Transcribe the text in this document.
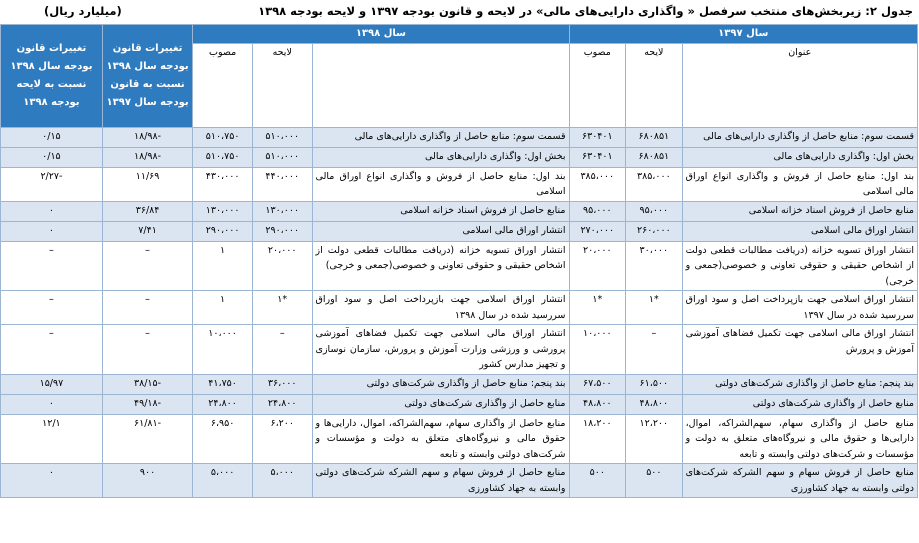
جدول ۲: زیربخش‌های منتخب سرفصل « واگذاری دارایی‌های مالی» در لایحه و قانون بودجه ۱۳۹۷ و لایحه بودجه ۱۳۹۸
(میلیارد ریال)
سال ۱۳۹۷			سال ۱۳۹۸			تغییرات قانون بودجه سال ۱۳۹۸ نسبت به قانون بودجه سال ۱۳۹۷	تغییرات قانون بودجه سال ۱۳۹۸ نسبت به لایحه بودجه ۱۳۹۸
عنوان	لایحه	مصوب		لایحه	مصوب		
قسمت سوم: منابع حاصل از واگذاری دارایی‌های مالی	۶۸۰۸۵۱	۶۳۰۴۰۱	قسمت سوم: منابع حاصل از واگذاری دارایی‌های مالی	۵۱۰،۰۰۰	۵۱۰،۷۵۰	-۱۸/۹۸	۰/۱۵
بخش اول: واگذاری دارایی‌های مالی	۶۸۰۸۵۱	۶۳۰۴۰۱	بخش اول: واگذاری دارایی‌های مالی	۵۱۰،۰۰۰	۵۱۰،۷۵۰	-۱۸/۹۸	۰/۱۵
بند اول: منابع حاصل از فروش و واگذاری انواع اوراق مالی اسلامی	۳۸۵،۰۰۰	۳۸۵،۰۰۰	بند اول: منابع حاصل از فروش و واگذاری انواع اوراق مالی اسلامی	۴۴۰،۰۰۰	۴۳۰،۰۰۰	۱۱/۶۹	-۲/۲۷
منابع حاصل از فروش اسناد خزانه اسلامی	۹۵،۰۰۰	۹۵،۰۰۰	منابع حاصل از فروش اسناد خزانه اسلامی	۱۳۰،۰۰۰	۱۳۰،۰۰۰	۳۶/۸۴	۰
انتشار اوراق مالی اسلامی	۲۶۰،۰۰۰	۲۷۰،۰۰۰	انتشار اوراق مالی اسلامی	۲۹۰،۰۰۰	۲۹۰،۰۰۰	۷/۴۱	۰
انتشار اوراق تسویه خزانه (دریافت مطالبات قطعی دولت از اشخاص حقیقی و حقوقی تعاونی و خصوصی(جمعی و خرجی)	۳۰،۰۰۰	۲۰،۰۰۰	انتشار اوراق تسویه خزانه (دریافت مطالبات قطعی دولت از اشخاص حقیقی و حقوقی تعاونی و خصوصی(جمعی و خرجی)	۲۰،۰۰۰	۱	–	–
انتشار اوراق اسلامی جهت بازپرداخت اصل و سود اوراق سررسید شده در سال ۱۳۹۷	*۱	*۱	انتشار اوراق اسلامی جهت بازپرداخت اصل و سود اوراق سررسید شده در سال ۱۳۹۸	*۱	۱	–	–
انتشار اوراق مالی اسلامی جهت تکمیل فضاهای آموزشی آموزش و پرورش	–	۱۰،۰۰۰	انتشار اوراق مالی اسلامی جهت تکمیل فضاهای آموزشی پرورشی و ورزشی وزارت آموزش و پرورش، سازمان نوسازی و تجهیز مدارس کشور	–	۱۰،۰۰۰	–	–
بند پنجم: منابع حاصل از واگذاری شرکت‌های دولتی	۶۱،۵۰۰	۶۷،۵۰۰	بند پنجم: منابع حاصل از واگذاری شرکت‌های دولتی	۳۶،۰۰۰	۴۱،۷۵۰	-۳۸/۱۵	۱۵/۹۷
منابع حاصل از واگذاری شرکت‌های دولتی	۴۸،۸۰۰	۴۸،۸۰۰	منابع حاصل از واگذاری شرکت‌های دولتی	۲۴،۸۰۰	۲۴،۸۰۰	-۴۹/۱۸	۰
منابع حاصل از واگذاری سهام، سهم‌الشراکه، اموال، دارایی‌ها و حقوق مالی و نیروگاه‌های متعلق به دولت و مؤسسات و شرکت‌های دولتی وابسته و تابعه	۱۲،۲۰۰	۱۸،۲۰۰	منابع حاصل از واگذاری سهام، سهم‌الشراکه، اموال، دارایی‌ها و حقوق مالی و نیروگاه‌های متعلق به دولت و مؤسسات و شرکت‌های دولتی وابسته و تابعه	۶،۲۰۰	۶،۹۵۰	-۶۱/۸۱	۱۲/۱
منابع حاصل از فروش سهام و سهم الشرکه شرکت‌های دولتی وابسته به جهاد کشاورزی	۵۰۰	۵۰۰	منابع حاصل از فروش سهام و سهم الشرکه شرکت‌های دولتی وابسته به جهاد کشاورزی	۵،۰۰۰	۵،۰۰۰	۹۰۰	۰
